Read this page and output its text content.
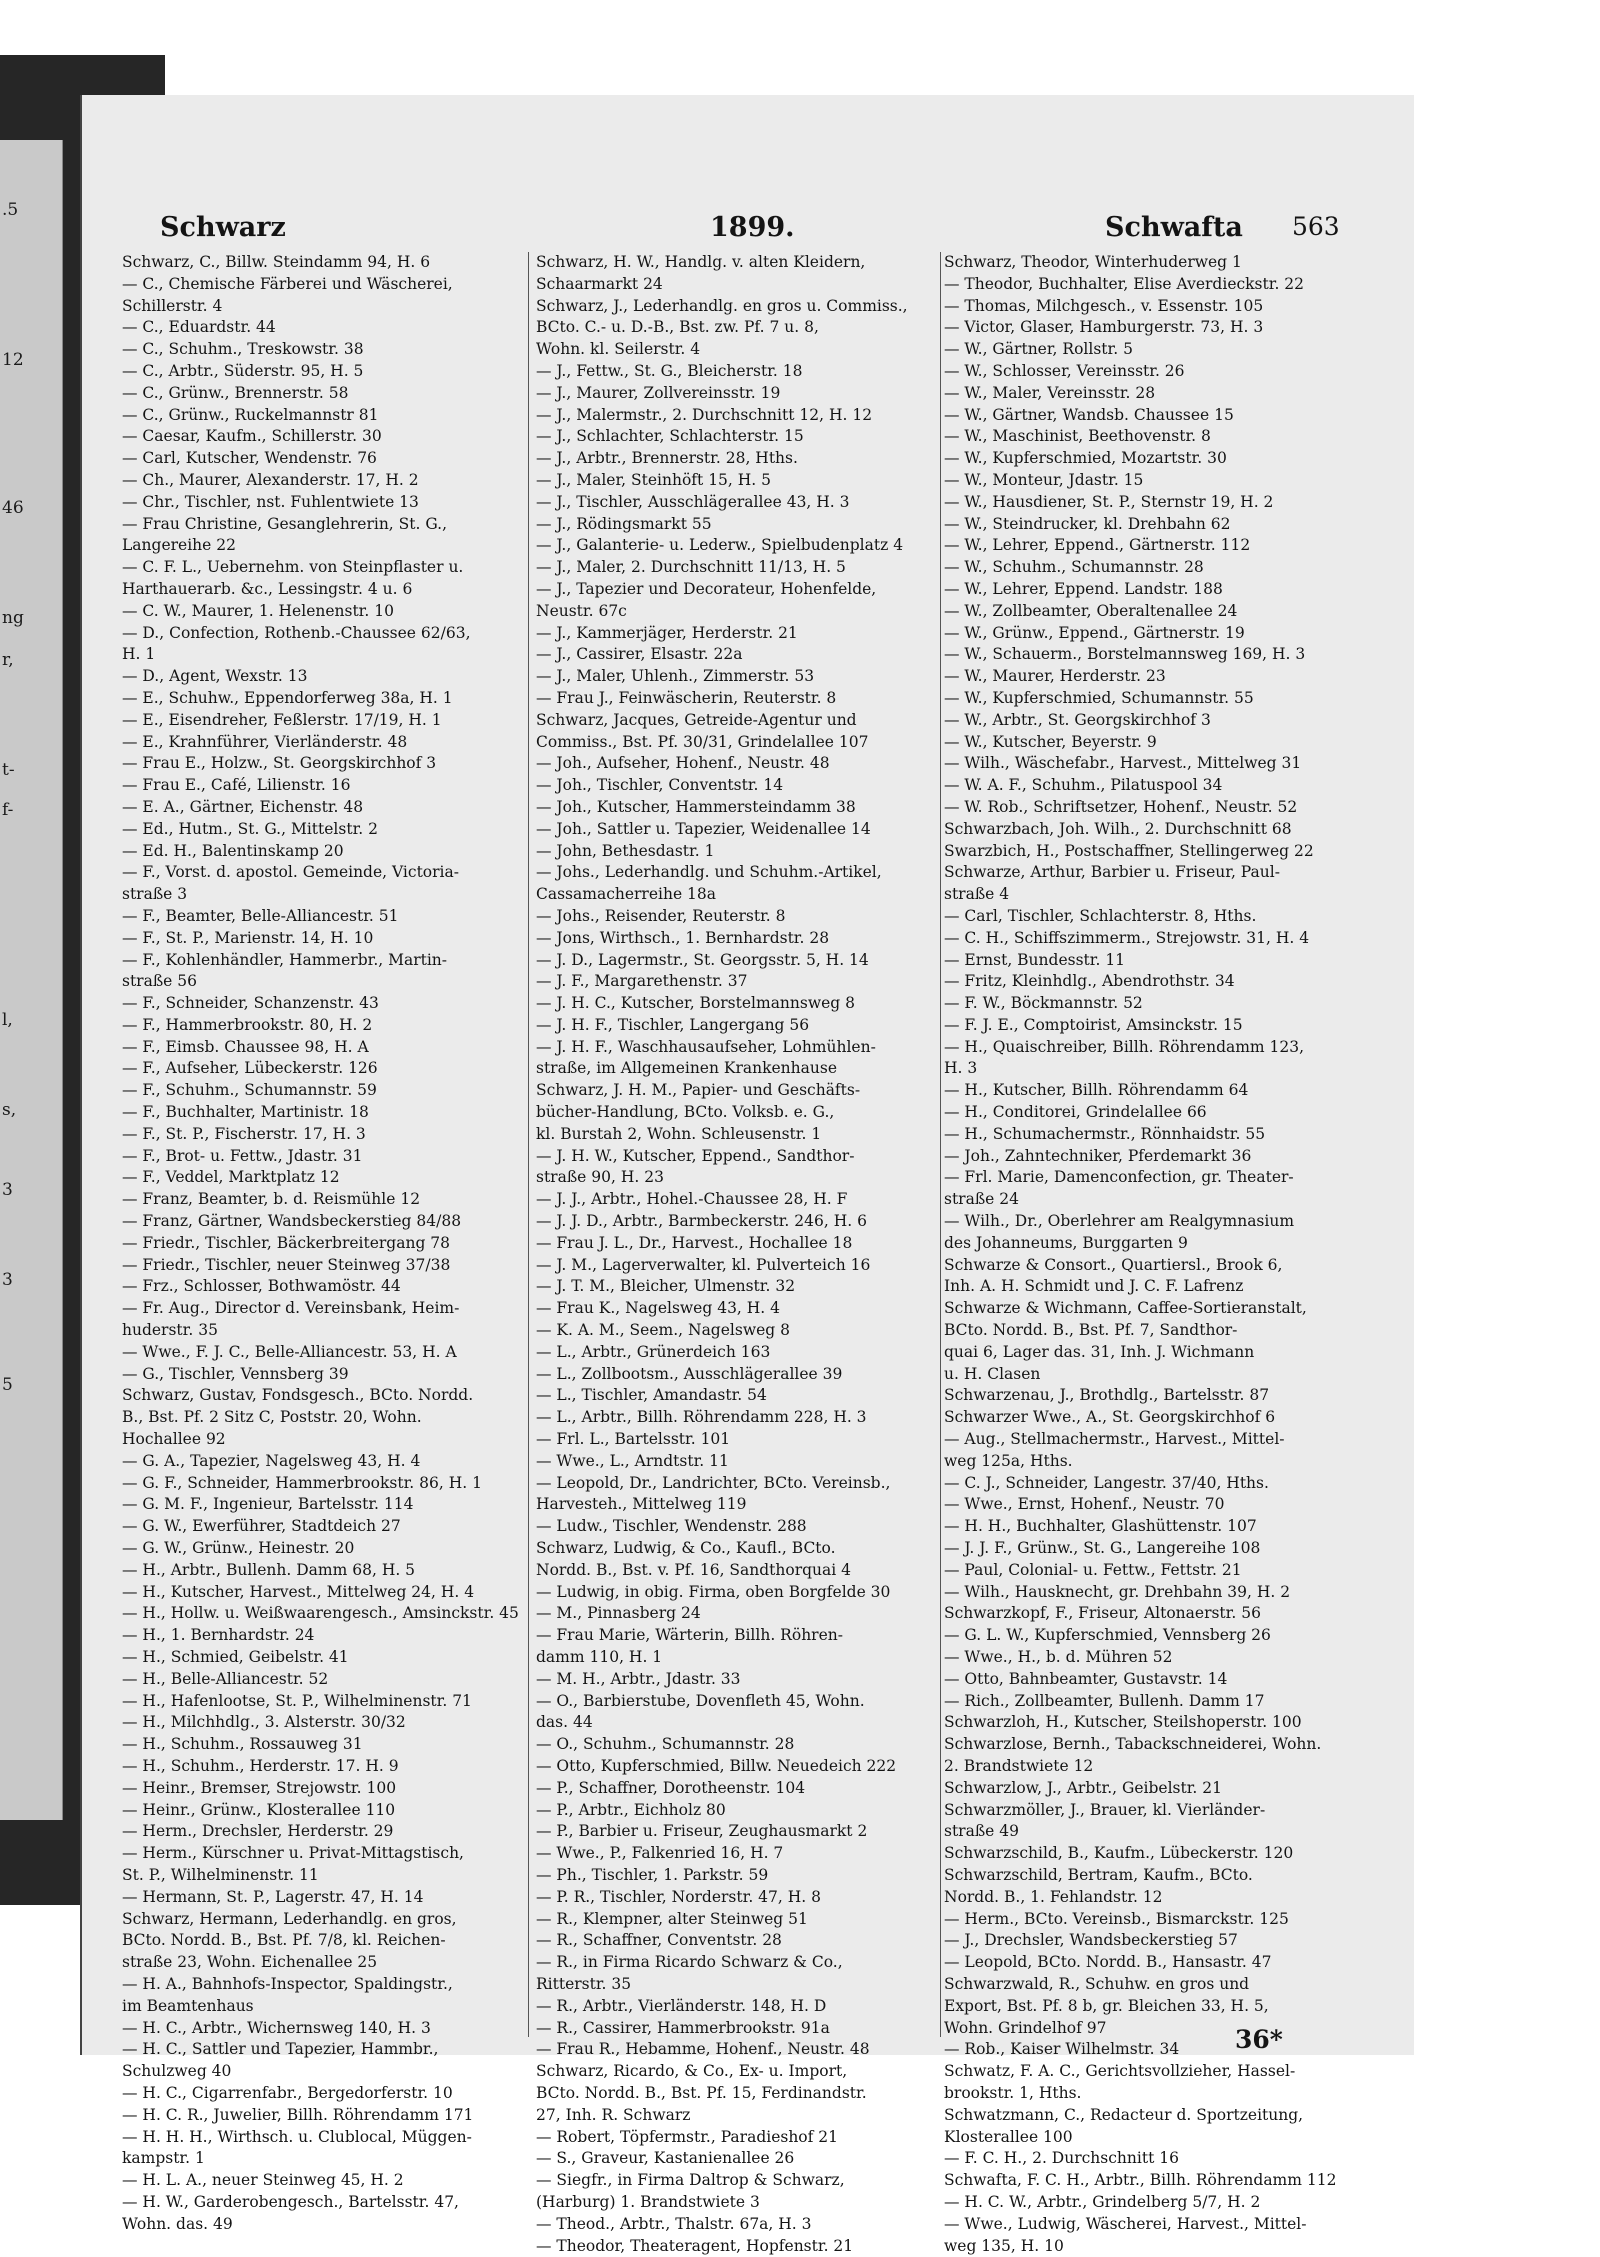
.5
12
46
ng
r,
t-
f-
l,
s,
3
3
5
Schwarz	1899.	Schwafta 563
Schwarz, C., Billw. Steindamm 94, H. 6
— C., Chemische Färberei und Wäscherei,
Schillerstr. 4
— C., Eduardstr. 44
— C., Schuhm., Treskowstr. 38
— C., Arbtr., Süderstr. 95, H. 5
— C., Grünw., Brennerstr. 58
— C., Grünw., Ruckelmannstr 81
— Caesar, Kaufm., Schillerstr. 30
— Carl, Kutscher, Wendenstr. 76
— Ch., Maurer, Alexanderstr. 17, H. 2
— Chr., Tischler, nst. Fuhlentwiete 13
— Frau Christine, Gesanglehrerin, St. G.,
Langereihe 22
— C. F. L., Uebernehm. von Steinpflaster u.
Harthauerarb. &c., Lessingstr. 4 u. 6
— C. W., Maurer, 1. Helenenstr. 10
— D., Confection, Rothenb.-Chaussee 62/63,
H. 1
— D., Agent, Wexstr. 13
— E., Schuhw., Eppendorferweg 38a, H. 1
— E., Eisendreher, Feßlerstr. 17/19, H. 1
— E., Krahnführer, Vierländerstr. 48
— Frau E., Holzw., St. Georgskirchhof 3
— Frau E., Café, Lilienstr. 16
— E. A., Gärtner, Eichenstr. 48
— Ed., Hutm., St. G., Mittelstr. 2
— Ed. H., Balentinskamp 20
— F., Vorst. d. apostol. Gemeinde, Victoria-
straße 3
— F., Beamter, Belle-Alliancestr. 51
— F., St. P., Marienstr. 14, H. 10
— F., Kohlenhändler, Hammerbr., Martin-
straße 56
— F., Schneider, Schanzenstr. 43
— F., Hammerbrookstr. 80, H. 2
— F., Eimsb. Chaussee 98, H. A
— F., Aufseher, Lübeckerstr. 126
— F., Schuhm., Schumannstr. 59
— F., Buchhalter, Martinistr. 18
— F., St. P., Fischerstr. 17, H. 3
— F., Brot- u. Fettw., Jdastr. 31
— F., Veddel, Marktplatz 12
— Franz, Beamter, b. d. Reismühle 12
— Franz, Gärtner, Wandsbeckerstieg 84/88
— Friedr., Tischler, Bäckerbreitergang 78
— Friedr., Tischler, neuer Steinweg 37/38
— Frz., Schlosser, Bothwamöstr. 44
— Fr. Aug., Director d. Vereinsbank, Heim-
huderstr. 35
— Wwe., F. J. C., Belle-Alliancestr. 53, H. A
— G., Tischler, Vennsberg 39
Schwarz, Gustav, Fondsgesch., BCto. Nordd.
B., Bst. Pf. 2 Sitz C, Poststr. 20, Wohn.
Hochallee 92
— G. A., Tapezier, Nagelsweg 43, H. 4
— G. F., Schneider, Hammerbrookstr. 86, H. 1
— G. M. F., Ingenieur, Bartelsstr. 114
— G. W., Ewerführer, Stadtdeich 27
— G. W., Grünw., Heinestr. 20
— H., Arbtr., Bullenh. Damm 68, H. 5
— H., Kutscher, Harvest., Mittelweg 24, H. 4
— H., Hollw. u. Weißwaarengesch., Amsinckstr. 45
— H., 1. Bernhardstr. 24
— H., Schmied, Geibelstr. 41
— H., Belle-Alliancestr. 52
— H., Hafenlootse, St. P., Wilhelminenstr. 71
— H., Milchhdlg., 3. Alsterstr. 30/32
— H., Schuhm., Rossauweg 31
— H., Schuhm., Herderstr. 17. H. 9
— Heinr., Bremser, Strejowstr. 100
— Heinr., Grünw., Klosterallee 110
— Herm., Drechsler, Herderstr. 29
— Herm., Kürschner u. Privat-Mittagstisch,
St. P., Wilhelminenstr. 11
— Hermann, St. P., Lagerstr. 47, H. 14
Schwarz, Hermann, Lederhandlg. en gros,
BCto. Nordd. B., Bst. Pf. 7/8, kl. Reichen-
straße 23, Wohn. Eichenallee 25
— H. A., Bahnhofs-Inspector, Spaldingstr.,
im Beamtenhaus
— H. C., Arbtr., Wichernsweg 140, H. 3
— H. C., Sattler und Tapezier, Hammbr.,
Schulzweg 40
— H. C., Cigarrenfabr., Bergedorferstr. 10
— H. C. R., Juwelier, Billh. Röhrendamm 171
— H. H. H., Wirthsch. u. Clublocal, Müggen-
kampstr. 1
— H. L. A., neuer Steinweg 45, H. 2
— H. W., Garderobengesch., Bartelsstr. 47,
Wohn. das. 49
Schwarz, H. W., Handlg. v. alten Kleidern,
Schaarmarkt 24
Schwarz, J., Lederhandlg. en gros u. Commiss.,
BCto. C.- u. D.-B., Bst. zw. Pf. 7 u. 8,
Wohn. kl. Seilerstr. 4
— J., Fettw., St. G., Bleicherstr. 18
— J., Maurer, Zollvereinsstr. 19
— J., Malermstr., 2. Durchschnitt 12, H. 12
— J., Schlachter, Schlachterstr. 15
— J., Arbtr., Brennerstr. 28, Hths.
— J., Maler, Steinhöft 15, H. 5
— J., Tischler, Ausschlägerallee 43, H. 3
— J., Rödingsmarkt 55
— J., Galanterie- u. Lederw., Spielbudenplatz 4
— J., Maler, 2. Durchschnitt 11/13, H. 5
— J., Tapezier und Decorateur, Hohenfelde,
Neustr. 67c
— J., Kammerjäger, Herderstr. 21
— J., Cassirer, Elsastr. 22a
— J., Maler, Uhlenh., Zimmerstr. 53
— Frau J., Feinwäscherin, Reuterstr. 8
Schwarz, Jacques, Getreide-Agentur und
Commiss., Bst. Pf. 30/31, Grindelallee 107
— Joh., Aufseher, Hohenf., Neustr. 48
— Joh., Tischler, Conventstr. 14
— Joh., Kutscher, Hammersteindamm 38
— Joh., Sattler u. Tapezier, Weidenallee 14
— John, Bethesdastr. 1
— Johs., Lederhandlg. und Schuhm.-Artikel,
Cassamacherreihe 18a
— Johs., Reisender, Reuterstr. 8
— Jons, Wirthsch., 1. Bernhardstr. 28
— J. D., Lagermstr., St. Georgsstr. 5, H. 14
— J. F., Margarethenstr. 37
— J. H. C., Kutscher, Borstelmannsweg 8
— J. H. F., Tischler, Langergang 56
— J. H. F., Waschhausaufseher, Lohmühlen-
straße, im Allgemeinen Krankenhause
Schwarz, J. H. M., Papier- und Geschäfts-
bücher-Handlung, BCto. Volksb. e. G.,
kl. Burstah 2, Wohn. Schleusenstr. 1
— J. H. W., Kutscher, Eppend., Sandthor-
straße 90, H. 23
— J. J., Arbtr., Hohel.-Chaussee 28, H. F
— J. J. D., Arbtr., Barmbeckerstr. 246, H. 6
— Frau J. L., Dr., Harvest., Hochallee 18
— J. M., Lagerverwalter, kl. Pulverteich 16
— J. T. M., Bleicher, Ulmenstr. 32
— Frau K., Nagelsweg 43, H. 4
— K. A. M., Seem., Nagelsweg 8
— L., Arbtr., Grünerdeich 163
— L., Zollbootsm., Ausschlägerallee 39
— L., Tischler, Amandastr. 54
— L., Arbtr., Billh. Röhrendamm 228, H. 3
— Frl. L., Bartelsstr. 101
— Wwe., L., Arndtstr. 11
— Leopold, Dr., Landrichter, BCto. Vereinsb.,
Harvesteh., Mittelweg 119
— Ludw., Tischler, Wendenstr. 288
Schwarz, Ludwig, & Co., Kaufl., BCto.
Nordd. B., Bst. v. Pf. 16, Sandthorquai 4
— Ludwig, in obig. Firma, oben Borgfelde 30
— M., Pinnasberg 24
— Frau Marie, Wärterin, Billh. Röhren-
damm 110, H. 1
— M. H., Arbtr., Jdastr. 33
— O., Barbierstube, Dovenfleth 45, Wohn.
das. 44
— O., Schuhm., Schumannstr. 28
— Otto, Kupferschmied, Billw. Neuedeich 222
— P., Schaffner, Dorotheenstr. 104
— P., Arbtr., Eichholz 80
— P., Barbier u. Friseur, Zeughausmarkt 2
— Wwe., P., Falkenried 16, H. 7
— Ph., Tischler, 1. Parkstr. 59
— P. R., Tischler, Norderstr. 47, H. 8
— R., Klempner, alter Steinweg 51
— R., Schaffner, Conventstr. 28
— R., in Firma Ricardo Schwarz & Co.,
Ritterstr. 35
— R., Arbtr., Vierländerstr. 148, H. D
— R., Cassirer, Hammerbrookstr. 91a
— Frau R., Hebamme, Hohenf., Neustr. 48
Schwarz, Ricardo, & Co., Ex- u. Import,
BCto. Nordd. B., Bst. Pf. 15, Ferdinandstr.
27, Inh. R. Schwarz
— Robert, Töpfermstr., Paradieshof 21
— S., Graveur, Kastanienallee 26
— Siegfr., in Firma Daltrop & Schwarz,
(Harburg) 1. Brandstwiete 3
— Theod., Arbtr., Thalstr. 67a, H. 3
— Theodor, Theateragent, Hopfenstr. 21
Schwarz, Theodor, Winterhuderweg 1
— Theodor, Buchhalter, Elise Averdieckstr. 22
— Thomas, Milchgesch., v. Essenstr. 105
— Victor, Glaser, Hamburgerstr. 73, H. 3
— W., Gärtner, Rollstr. 5
— W., Schlosser, Vereinsstr. 26
— W., Maler, Vereinsstr. 28
— W., Gärtner, Wandsb. Chaussee 15
— W., Maschinist, Beethovenstr. 8
— W., Kupferschmied, Mozartstr. 30
— W., Monteur, Jdastr. 15
— W., Hausdiener, St. P., Sternstr 19, H. 2
— W., Steindrucker, kl. Drehbahn 62
— W., Lehrer, Eppend., Gärtnerstr. 112
— W., Schuhm., Schumannstr. 28
— W., Lehrer, Eppend. Landstr. 188
— W., Zollbeamter, Oberaltenallee 24
— W., Grünw., Eppend., Gärtnerstr. 19
— W., Schauerm., Borstelmannsweg 169, H. 3
— W., Maurer, Herderstr. 23
— W., Kupferschmied, Schumannstr. 55
— W., Arbtr., St. Georgskirchhof 3
— W., Kutscher, Beyerstr. 9
— Wilh., Wäschefabr., Harvest., Mittelweg 31
— W. A. F., Schuhm., Pilatuspool 34
— W. Rob., Schriftsetzer, Hohenf., Neustr. 52
Schwarzbach, Joh. Wilh., 2. Durchschnitt 68
Swarzbich, H., Postschaffner, Stellingerweg 22
Schwarze, Arthur, Barbier u. Friseur, Paul-
straße 4
— Carl, Tischler, Schlachterstr. 8, Hths.
— C. H., Schiffszimmerm., Strejowstr. 31, H. 4
— Ernst, Bundesstr. 11
— Fritz, Kleinhdlg., Abendrothstr. 34
— F. W., Böckmannstr. 52
— F. J. E., Comptoirist, Amsinckstr. 15
— H., Quaischreiber, Billh. Röhrendamm 123,
H. 3
— H., Kutscher, Billh. Röhrendamm 64
— H., Conditorei, Grindelallee 66
— H., Schumachermstr., Rönnhaidstr. 55
— Joh., Zahntechniker, Pferdemarkt 36
— Frl. Marie, Damenconfection, gr. Theater-
straße 24
— Wilh., Dr., Oberlehrer am Realgymnasium
des Johanneums, Burggarten 9
Schwarze & Consort., Quartiersl., Brook 6,
Inh. A. H. Schmidt und J. C. F. Lafrenz
Schwarze & Wichmann, Caffee-Sortieranstalt,
BCto. Nordd. B., Bst. Pf. 7, Sandthor-
quai 6, Lager das. 31, Inh. J. Wichmann
u. H. Clasen
Schwarzenau, J., Brothdlg., Bartelsstr. 87
Schwarzer Wwe., A., St. Georgskirchhof 6
— Aug., Stellmachermstr., Harvest., Mittel-
weg 125a, Hths.
— C. J., Schneider, Langestr. 37/40, Hths.
— Wwe., Ernst, Hohenf., Neustr. 70
— H. H., Buchhalter, Glashüttenstr. 107
— J. J. F., Grünw., St. G., Langereihe 108
— Paul, Colonial- u. Fettw., Fettstr. 21
— Wilh., Hausknecht, gr. Drehbahn 39, H. 2
Schwarzkopf, F., Friseur, Altonaerstr. 56
— G. L. W., Kupferschmied, Vennsberg 26
— Wwe., H., b. d. Mühren 52
— Otto, Bahnbeamter, Gustavstr. 14
— Rich., Zollbeamter, Bullenh. Damm 17
Schwarzloh, H., Kutscher, Steilshoperstr. 100
Schwarzlose, Bernh., Tabackschneiderei, Wohn.
2. Brandstwiete 12
Schwarzlow, J., Arbtr., Geibelstr. 21
Schwarzmöller, J., Brauer, kl. Vierländer-
straße 49
Schwarzschild, B., Kaufm., Lübeckerstr. 120
Schwarzschild, Bertram, Kaufm., BCto.
Nordd. B., 1. Fehlandstr. 12
— Herm., BCto. Vereinsb., Bismarckstr. 125
— J., Drechsler, Wandsbeckerstieg 57
— Leopold, BCto. Nordd. B., Hansastr. 47
Schwarzwald, R., Schuhw. en gros und
Export, Bst. Pf. 8 b, gr. Bleichen 33, H. 5,
Wohn. Grindelhof 97
— Rob., Kaiser Wilhelmstr. 34
Schwatz, F. A. C., Gerichtsvollzieher, Hassel-
brookstr. 1, Hths.
Schwatzmann, C., Redacteur d. Sportzeitung,
Klosterallee 100
— F. C. H., 2. Durchschnitt 16
Schwafta, F. C. H., Arbtr., Billh. Röhrendamm 112
— H. C. W., Arbtr., Grindelberg 5/7, H. 2
— Wwe., Ludwig, Wäscherei, Harvest., Mittel-
weg 135, H. 10
36*
